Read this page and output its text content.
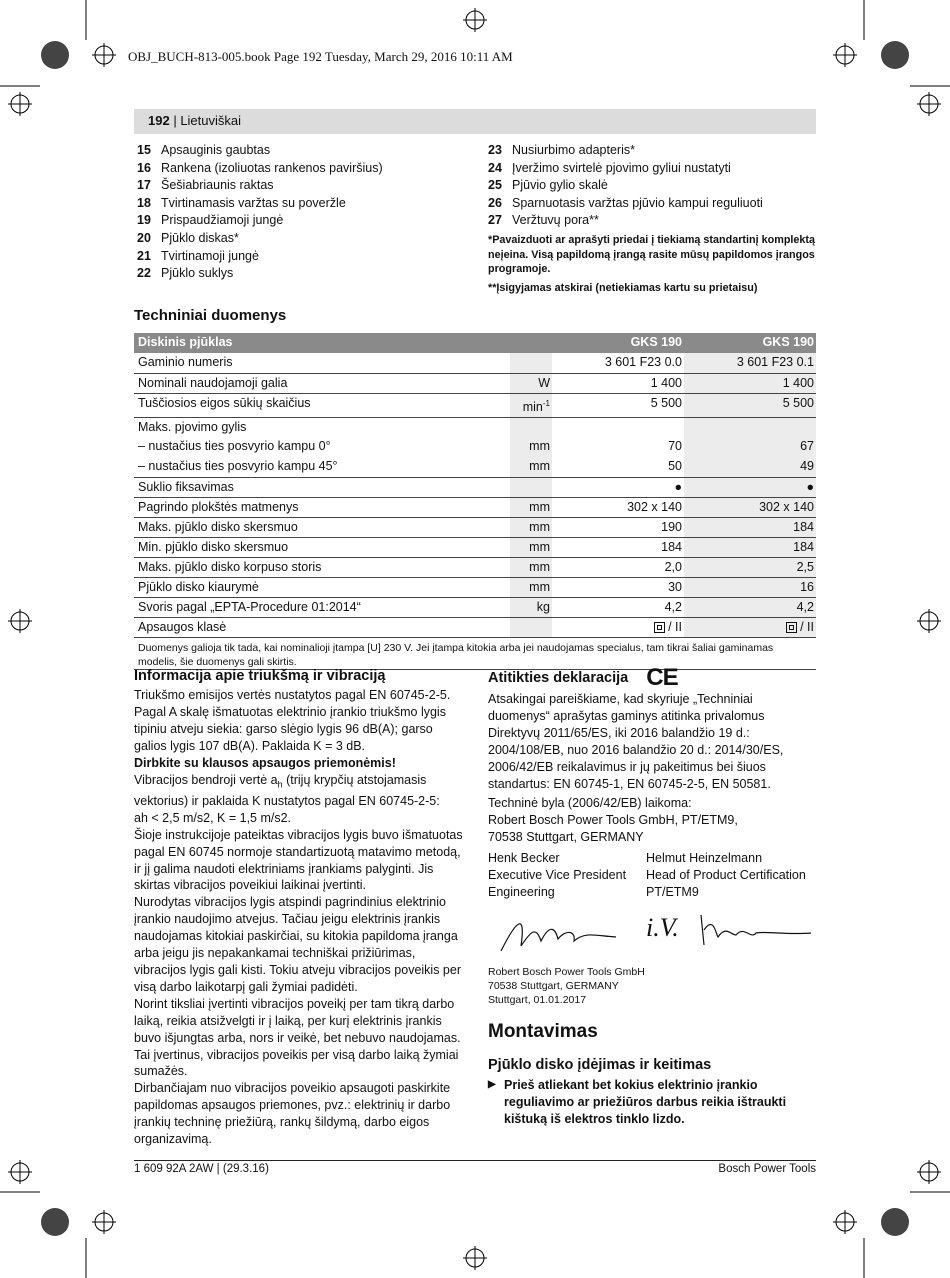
OBJ_BUCH-813-005.book Page 192 Tuesday, March 29, 2016 10:11 AM
192 | Lietuviškai
15 Apsauginis gaubtas
16 Rankena (izoliuotas rankenos paviršius)
17 Šešiabriaunis raktas
18 Tvirtinamasis varžtas su poveržle
19 Prispaudžiamoji jungė
20 Pjūklo diskas*
21 Tvirtinamoji jungė
22 Pjūklo suklys
23 Nusiurbimo adapteris*
24 Įveržimo svirtelė pjovimo gyliui nustatyti
25 Pjūvio gylio skalė
26 Sparnuotasis varžtas pjūvio kampui reguliuoti
27 Veržtuvų pora**
*Pavaizduoti ar aprašyti priedai į tiekiamą standartinį komplektą neįeina. Visą papildomą įrangą rasite mūsų papildomos įrangos programoje.
**Įsigyjamas atskirai (netiekiamas kartu su prietaisu)
Techniniai duomenys
Diskinis pjūklas		GKS 190	GKS 190
Gaminio numeris		3 601 F23 0.0	3 601 F23 0.1
Nominali naudojamoji galia	W	1 400	1 400
Tuščiosios eigos sūkių skaičius	$\min^{-1}$	5 500	5 500
Maks. pjovimo gylis			
– nustačius ties posvyrio kampu 0°	mm	70	67
– nustačius ties posvyrio kampu 45°	mm	50	49
Suklio fiksavimas		●	●
Pagrindo plokštės matmenys	mm	302 x 140	302 x 140
Maks. pjūklo disko skersmuo	mm	190	184
Min. pjūklo disko skersmuo	mm	184	184
Maks. pjūklo disko korpuso storis	mm	2,0	2,5
Pjūklo disko kiaurymė	mm	30	16
Svoris pagal „EPTA-Procedure 01:2014“	kg	4,2	4,2
Apsaugos klasė		/ II	/ II
Duomenys galioja tik tada, kai nominalioji įtampa [U] 230 V. Jei įtampa kitokia arba jei naudojamas specialus, tam tikrai šaliai gaminamas modelis, šie duomenys gali skirtis.
Informacija apie triukšmą ir vibraciją
Triukšmo emisijos vertės nustatytos pagal EN 60745-2-5.
Pagal A skalę išmatuotas elektrinio įrankio triukšmo lygis tipiniu atveju siekia: garso slėgio lygis 96 dB(A); garso galios lygis 107 dB(A). Paklaida K = 3 dB.
Dirbkite su klausos apsaugos priemonėmis!
Vibracijos bendroji vertė $a_h$ (trijų krypčių atstojamasis vektorius) ir paklaida K nustatytos pagal EN 60745-2-5:
ah < 2,5 m/s2, K = 1,5 m/s2.
Šioje instrukcijoje pateiktas vibracijos lygis buvo išmatuotas pagal EN 60745 normoje standartizuotą matavimo metodą, ir jį galima naudoti elektriniams įrankiams palyginti. Jis skirtas vibracijos poveikiui laikinai įvertinti.
Nurodytas vibracijos lygis atspindi pagrindinius elektrinio įrankio naudojimo atvejus. Tačiau jeigu elektrinis įrankis naudojamas kitokiai paskirčiai, su kitokia papildoma įranga arba jeigu jis nepakankamai techniškai prižiūrimas, vibracijos lygis gali kisti. Tokiu atveju vibracijos poveikis per visą darbo laikotarpį gali žymiai padidėti.
Norint tiksliai įvertinti vibracijos poveikį per tam tikrą darbo laiką, reikia atsižvelgti ir į laiką, per kurį elektrinis įrankis buvo išjungtas arba, nors ir veikė, bet nebuvo naudojamas. Tai įvertinus, vibracijos poveikis per visą darbo laiką žymiai sumažės.
Dirbančiajam nuo vibracijos poveikio apsaugoti paskirkite papildomas apsaugos priemones, pvz.: elektrinių ir darbo įrankių techninę priežiūrą, rankų šildymą, darbo eigos organizavimą.
Atitikties deklaracija CE
Atsakingai pareiškiame, kad skyriuje „Techniniai duomenys“ aprašytas gaminys atitinka privalomus Direktyvų 2011/65/ES, iki 2016 balandžio 19 d.: 2004/108/EB, nuo 2016 balandžio 20 d.: 2014/30/ES, 2006/42/EB reikalavimus ir jų pakeitimus bei šiuos standartus: EN 60745-1, EN 60745-2-5, EN 50581.
Techninė byla (2006/42/EB) laikoma:
Robert Bosch Power Tools GmbH, PT/ETM9,
70538 Stuttgart, GERMANY
Henk Becker
Executive Vice President
Engineering
Helmut Heinzelmann
Head of Product Certification
PT/ETM9
i.V.
Robert Bosch Power Tools GmbH
70538 Stuttgart, GERMANY
Stuttgart, 01.01.2017
Montavimas
Pjūklo disko įdėjimas ir keitimas
▶ Prieš atliekant bet kokius elektrinio įrankio reguliavimo ar priežiūros darbus reikia ištraukti kištuką iš elektros tinklo lizdo.
1 609 92A 2AW | (29.3.16)	Bosch Power Tools
